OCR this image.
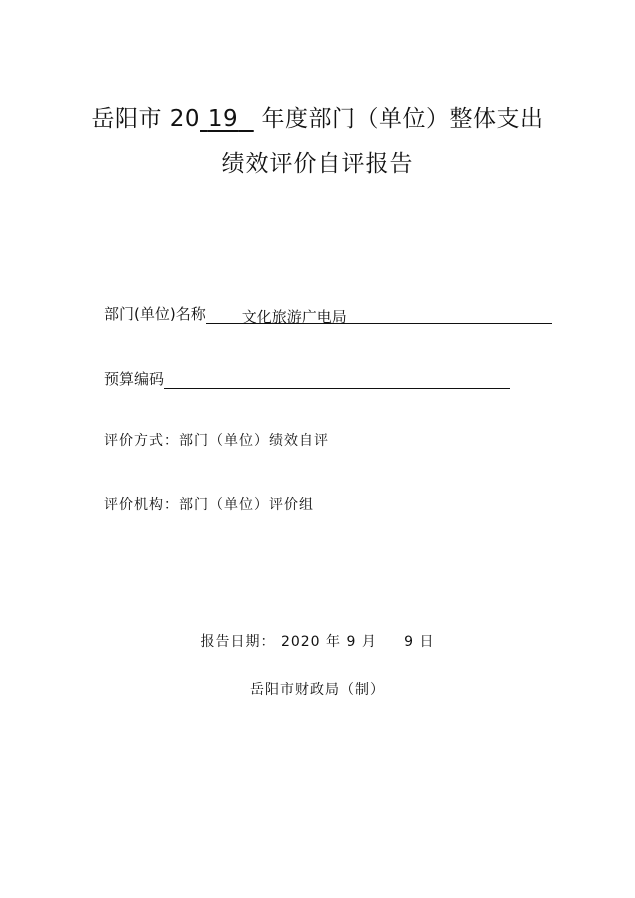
岳阳市 20 19   年度部门（单位）整体支出
绩效评价自评报告
部门(单位)名称 文化旅游广电局
预算编码
评价方式：部门（单位）绩效自评
评价机构：部门（单位）评价组
报告日期： 2020 年 9 月 9 日
岳阳市财政局（制）
